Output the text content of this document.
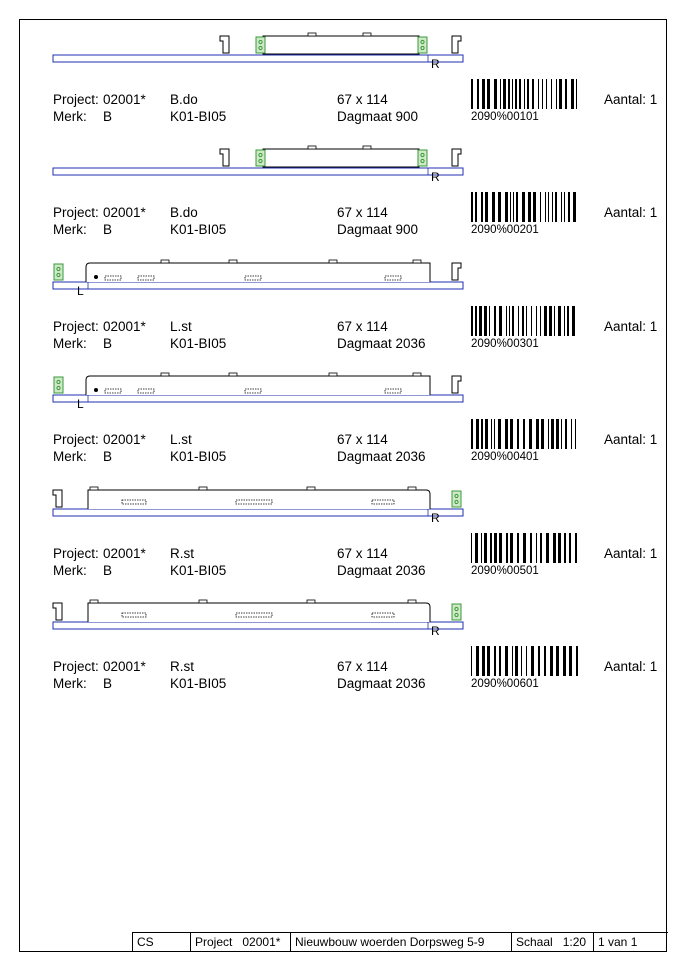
R
Project: 02001*
Merk: B
B.do
K01-BI05
67 x 114
Dagmaat 900	2090%00101
Aantal: 1
R
Project: 02001*
Merk: B
B.do
K01-BI05
67 x 114
Dagmaat 900	2090%00201
Aantal: 1
L
Project: 02001*
Merk: B
L.st
K01-BI05
67 x 114
Dagmaat 2036	2090%00301
Aantal: 1
L
Project: 02001*
Merk: B
L.st
K01-BI05
67 x 114
Dagmaat 2036	2090%00401
Aantal: 1
R
Project: 02001*
Merk: B
R.st
K01-BI05
67 x 114
Dagmaat 2036	2090%00501
Aantal: 1
R
Project: 02001*
Merk: B
R.st
K01-BI05
67 x 114
Dagmaat 2036	2090%00601
Aantal: 1
CS	Project 02001*	Nieuwbouw woerden Dorpsweg 5-9	Schaal 1:20 1 van 1
